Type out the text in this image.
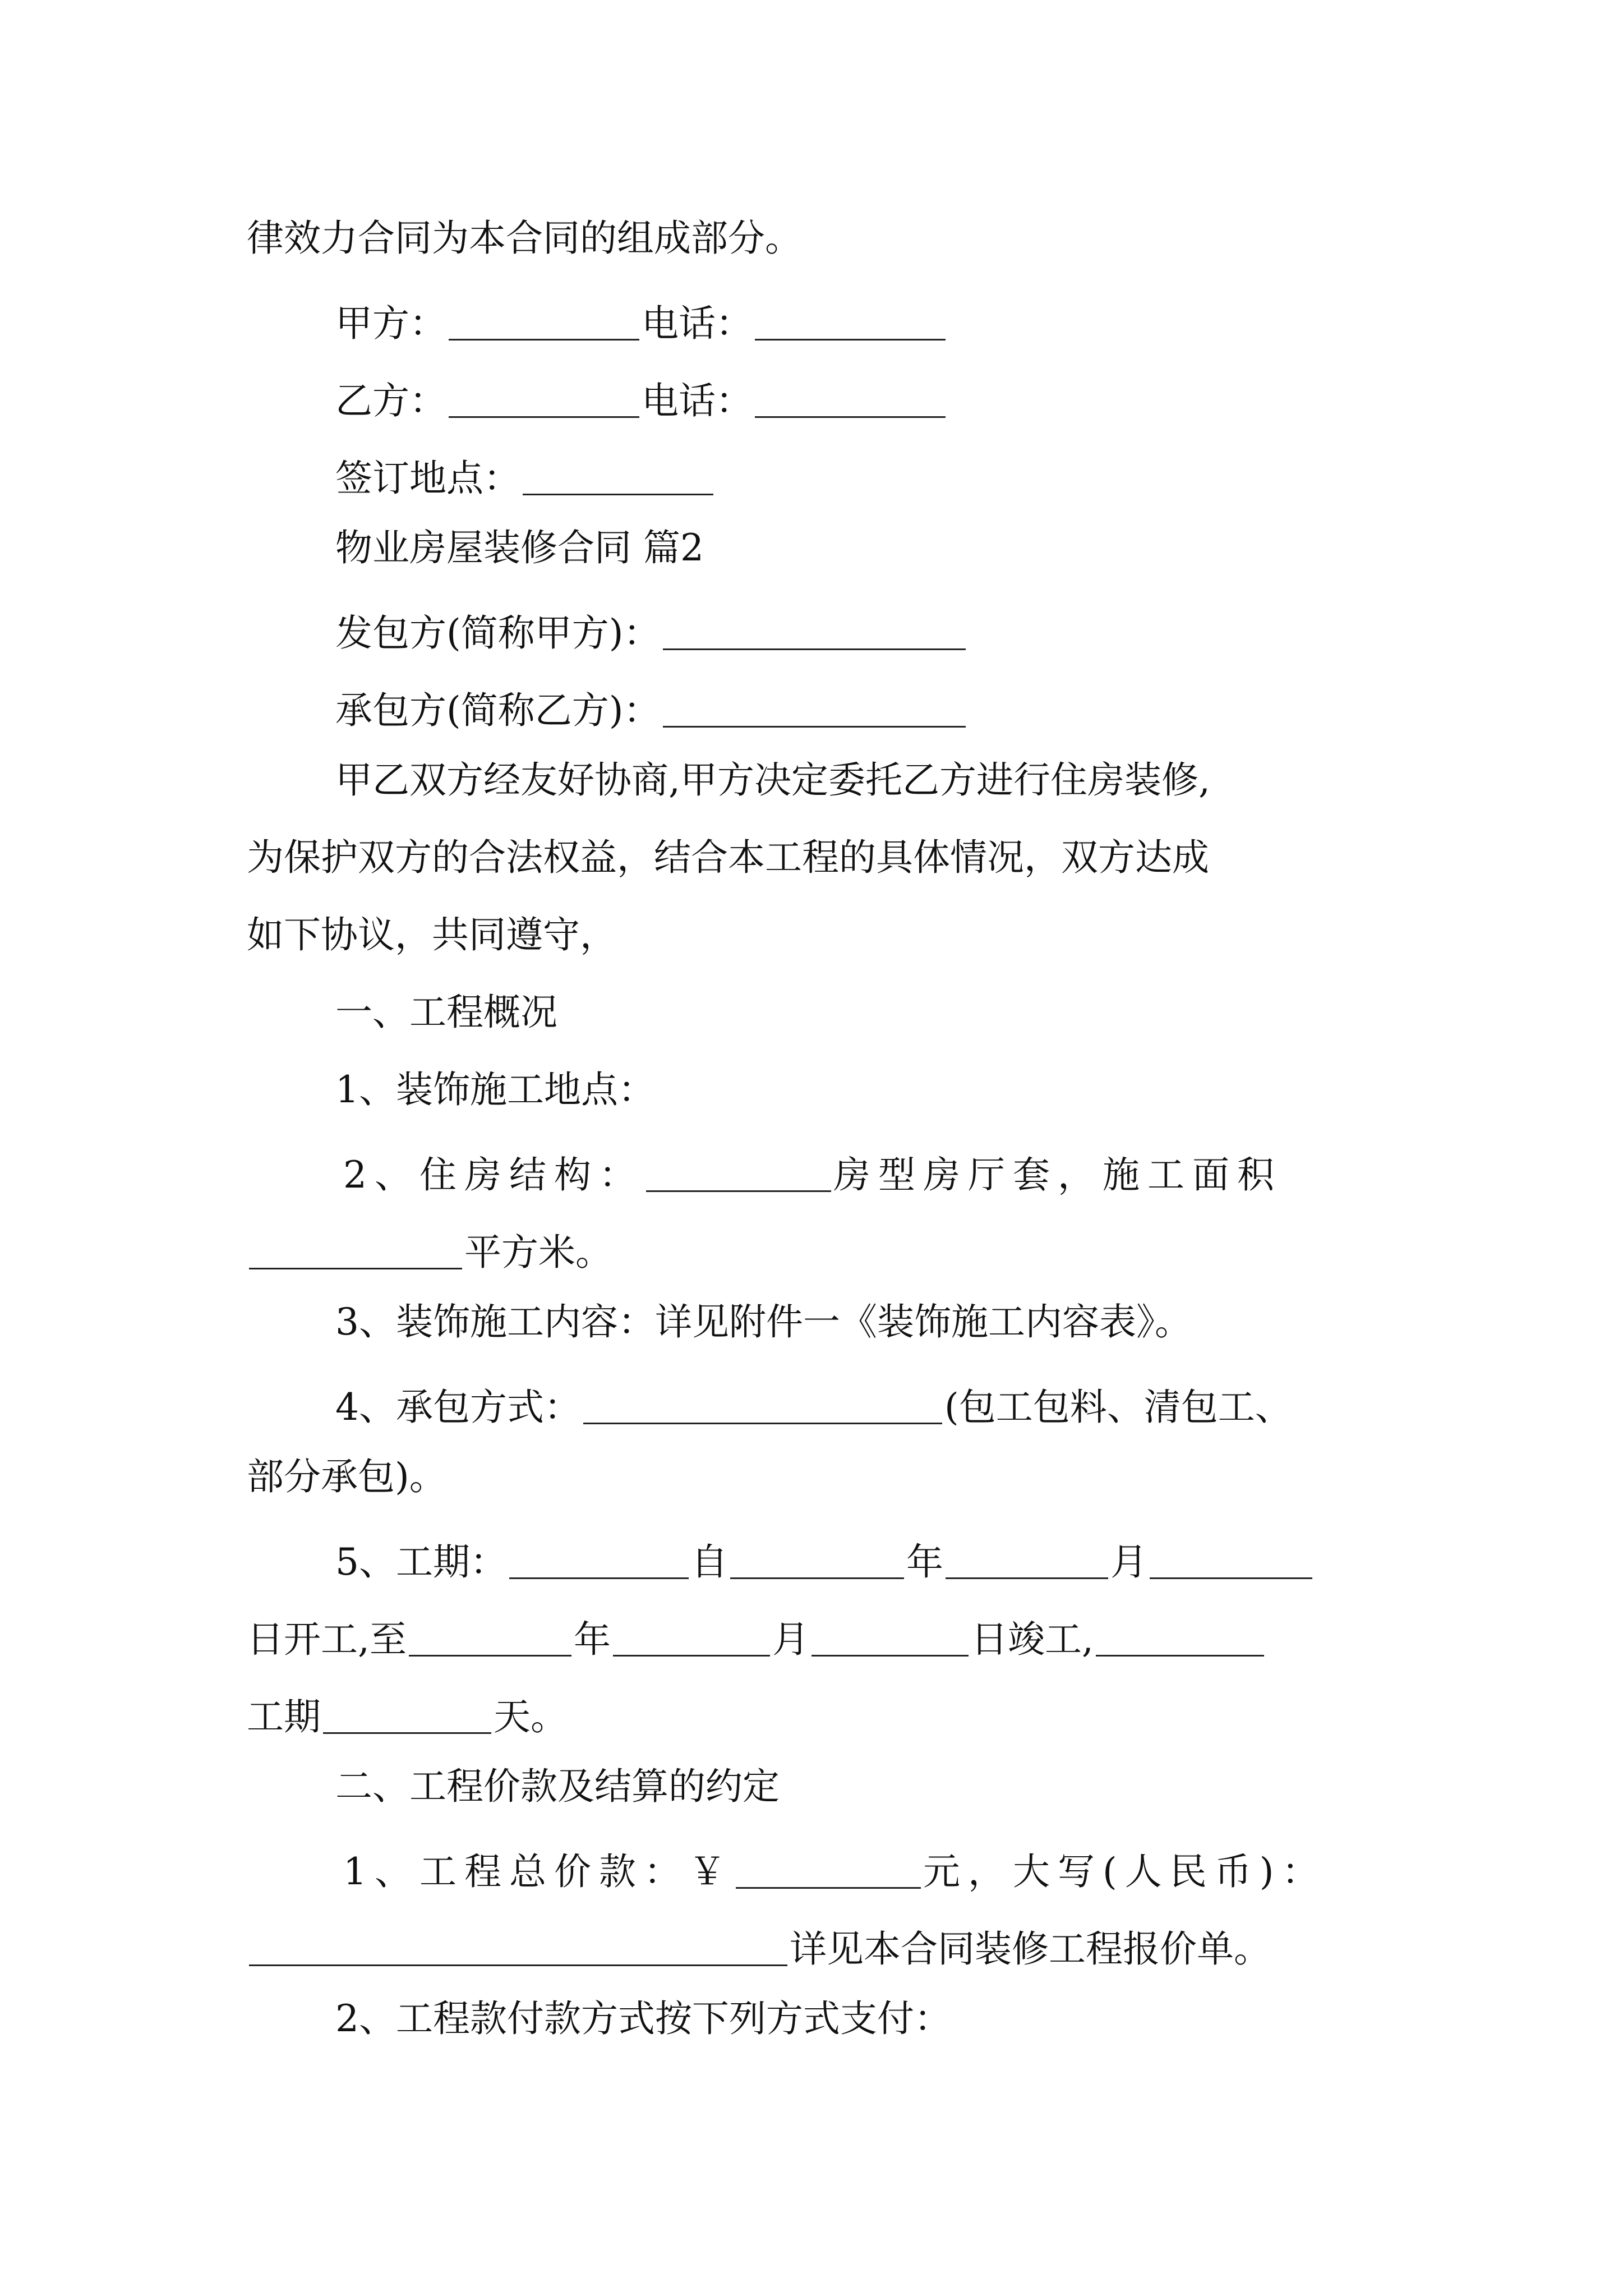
律效力合同为本合同的组成部分。
甲方：	电话：
乙方：	电话：
签订地点：
物业房屋装修合同 篇2
发包方(简称甲方)：
承包方(简称乙方)：
甲乙双方经友好协商,甲方决定委托乙方进行住房装修,
为保护双方的合法权益，结合本工程的具体情况，双方达成
如下协议，共同遵守，
一、工程概况
1、装饰施工地点：
2、住房结构：	房型房厅套，施工面积
平方米。
3、装饰施工内容：详见附件一《装饰施工内容表》。
4、承包方式：	(包工包料、清包工、
部分承包)。
5、工期：	自	年	月
日开工,至	年	月	日竣工,
工期	天。
二、工程价款及结算的约定
1、工程总价款：￥	元，大写(人民币)：
详见本合同装修工程报价单。
2、工程款付款方式按下列方式支付：
